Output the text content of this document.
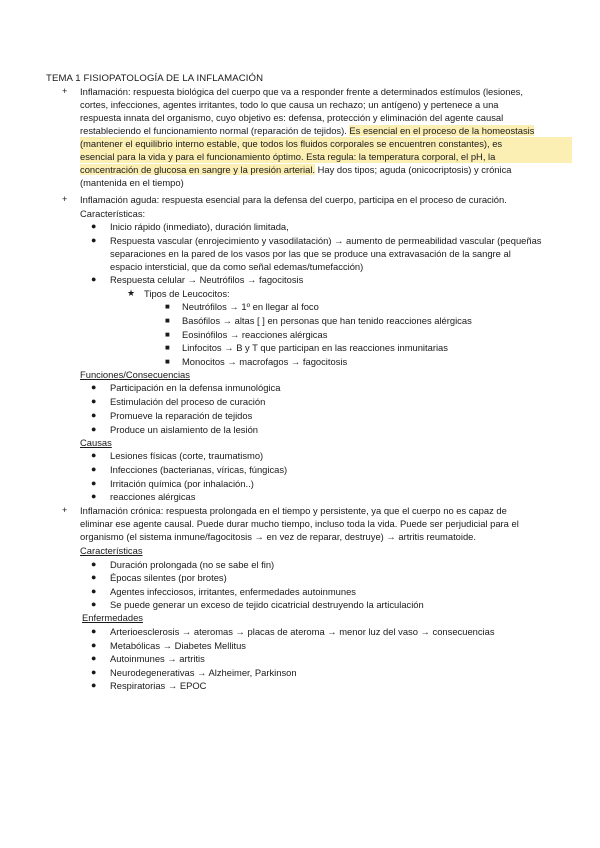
TEMA 1 FISIOPATOLOGÍA DE LA INFLAMACIÓN
+ Inflamación: respuesta biológica del cuerpo que va a responder frente a determinados estímulos (lesiones,
cortes, infecciones, agentes irritantes, todo lo que causa un rechazo; un antígeno) y pertenece a una
respuesta innata del organismo, cuyo objetivo es: defensa, protección y eliminación del agente causal
restableciendo el funcionamiento normal (reparación de tejidos). Es esencial en el proceso de la homeostasis
(mantener el equilibrio interno estable, que todos los fluidos corporales se encuentren constantes), es
esencial para la vida y para el funcionamiento óptimo. Esta regula: la temperatura corporal, el pH, la
concentración de glucosa en sangre y la presión arterial. Hay dos tipos; aguda (onicocriptosis) y crónica
(mantenida en el tiempo)
+ Inflamación aguda: respuesta esencial para la defensa del cuerpo, participa en el proceso de curación.
Características:
● Inicio rápido (inmediato), duración limitada,
● Respuesta vascular (enrojecimiento y vasodilatación) → aumento de permeabilidad vascular (pequeñas
separaciones en la pared de los vasos por las que se produce una extravasación de la sangre al
espacio intersticial, que da como señal edemas/tumefacción)
● Respuesta celular → Neutrófilos → fagocitosis
★ Tipos de Leucocitos:
■ Neutrófilos → 1º en llegar al foco
■ Basófilos → altas [ ] en personas que han tenido reacciones alérgicas
■ Eosinófilos → reacciones alérgicas
■ Linfocitos → B y T que participan en las reacciones inmunitarias
■ Monocitos → macrofagos → fagocitosis
Funciones/Consecuencias
● Participación en la defensa inmunológica
● Estimulación del proceso de curación
● Promueve la reparación de tejidos
● Produce un aislamiento de la lesión
Causas
● Lesiones físicas (corte, traumatismo)
● Infecciones (bacterianas, víricas, fúngicas)
● Irritación química (por inhalación..)
● reacciones alérgicas
+ Inflamación crónica: respuesta prolongada en el tiempo y persistente, ya que el cuerpo no es capaz de
eliminar ese agente causal. Puede durar mucho tiempo, incluso toda la vida. Puede ser perjudicial para el
organismo (el sistema inmune/fagocitosis → en vez de reparar, destruye) → artritis reumatoide.
Características
● Duración prolongada (no se sabe el fin)
● Épocas silentes (por brotes)
● Agentes infecciosos, irritantes, enfermedades autoinmunes
● Se puede generar un exceso de tejido cicatricial destruyendo la articulación
Enfermedades
● Arterioesclerosis → ateromas → placas de ateroma → menor luz del vaso → consecuencias
● Metabólicas → Diabetes Mellitus
● Autoinmunes → artritis
● Neurodegenerativas → Alzheimer, Parkinson
● Respiratorias → EPOC
